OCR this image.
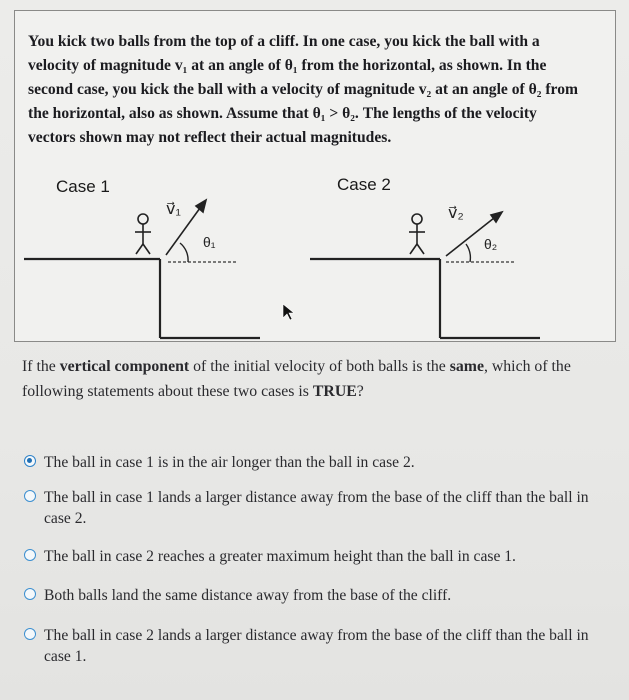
You kick two balls from the top of a cliff. In one case, you kick the ball with a velocity of magnitude v₁ at an angle of θ₁ from the horizontal, as shown. In the second case, you kick the ball with a velocity of magnitude v₂ at an angle of θ₂ from the horizontal, also as shown. Assume that θ₁ > θ₂. The lengths of the velocity vectors shown may not reflect their actual magnitudes.
Case 1	Case 2
v⃗₁
θ₁
v⃗₂
θ₂
If the vertical component of the initial velocity of both balls is the same, which of the following statements about these two cases is TRUE?
The ball in case 1 is in the air longer than the ball in case 2.
The ball in case 1 lands a larger distance away from the base of the cliff than the ball in case 2.
The ball in case 2 reaches a greater maximum height than the ball in case 1.
Both balls land the same distance away from the base of the cliff.
The ball in case 2 lands a larger distance away from the base of the cliff than the ball in case 1.
